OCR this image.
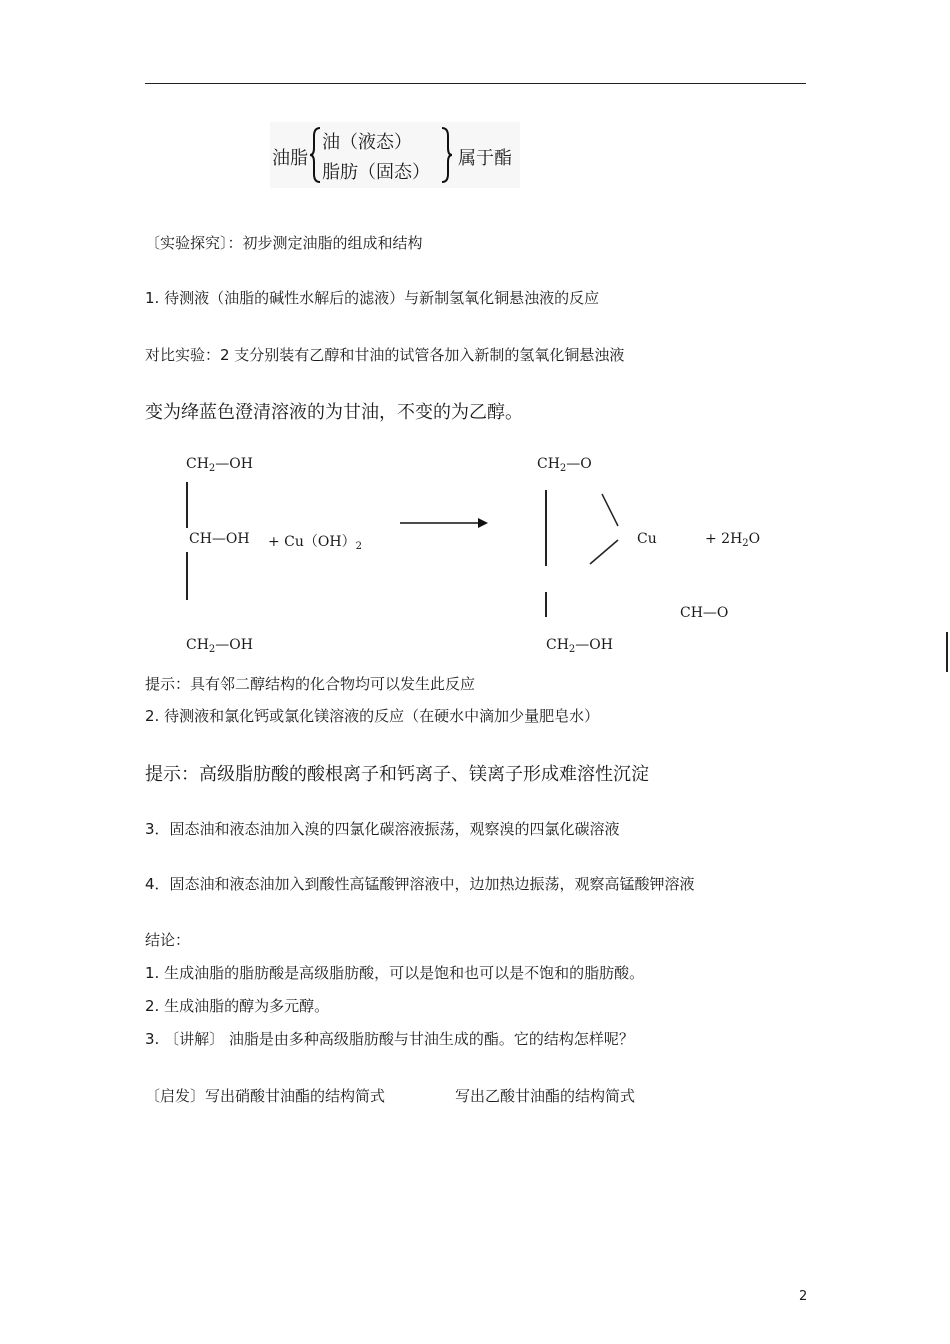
油脂
油（液态）
脂肪（固态）
属于酯
〔实验探究〕：初步测定油脂的组成和结构
1. 待测液（油脂的碱性水解后的滤液）与新制氢氧化铜悬浊液的反应
对比实验：2 支分别装有乙醇和甘油的试管各加入新制的氢氧化铜悬浊液
变为绛蓝色澄清溶液的为甘油，不变的为乙醇。
$CH_2—OH$
CH—OH + $Cu(OH)_2$
$CH_2—OH$
$CH_2—O$
Cu	+ $2H_2O$
CH—O
$CH_2—OH$
提示：具有邻二醇结构的化合物均可以发生此反应
2. 待测液和氯化钙或氯化镁溶液的反应（在硬水中滴加少量肥皂水）
提示：高级脂肪酸的酸根离子和钙离子、镁离子形成难溶性沉淀
3．固态油和液态油加入溴的四氯化碳溶液振荡，观察溴的四氯化碳溶液
4．固态油和液态油加入到酸性高锰酸钾溶液中，边加热边振荡，观察高锰酸钾溶液
结论：
1. 生成油脂的脂肪酸是高级脂肪酸，可以是饱和也可以是不饱和的脂肪酸。
2. 生成油脂的醇为多元醇。
3. 〔讲解〕 油脂是由多种高级脂肪酸与甘油生成的酯。它的结构怎样呢？
〔启发〕写出硝酸甘油酯的结构简式	写出乙酸甘油酯的结构简式
2
